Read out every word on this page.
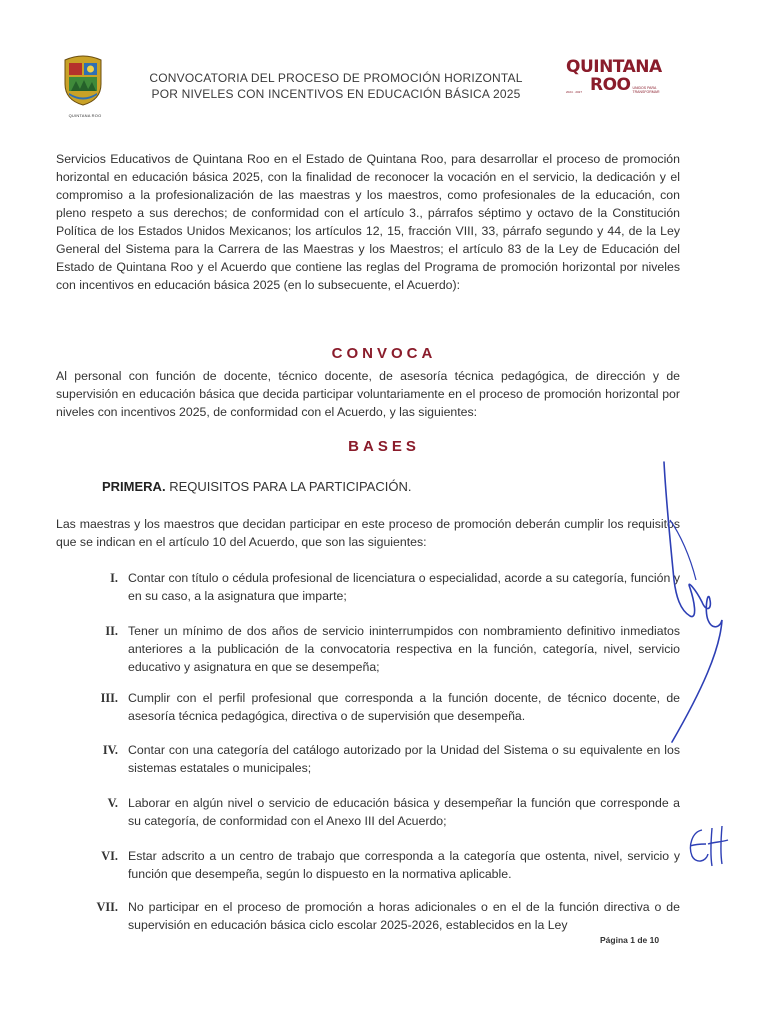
QUINTANA ROO
CONVOCATORIA DEL PROCESO DE PROMOCIÓN HORIZONTAL
POR NIVELES CON INCENTIVOS EN EDUCACIÓN BÁSICA 2025
QUINTANA
2024 · 2027 ROO UNIDOS PARA TRANSFORMAR
Servicios Educativos de Quintana Roo en el Estado de Quintana Roo, para desarrollar el proceso de promoción horizontal en educación básica 2025, con la finalidad de reconocer la vocación en el servicio, la dedicación y el compromiso a la profesionalización de las maestras y los maestros, como profesionales de la educación, con pleno respeto a sus derechos; de conformidad con el artículo 3., párrafos séptimo y octavo de la Constitución Política de los Estados Unidos Mexicanos; los artículos 12, 15, fracción VIII, 33, párrafo segundo y 44, de la Ley General del Sistema para la Carrera de las Maestras y los Maestros; el artículo 83 de la Ley de Educación del Estado de Quintana Roo y el Acuerdo que contiene las reglas del Programa de promoción horizontal por niveles con incentivos en educación básica 2025 (en lo subsecuente, el Acuerdo):
CONVOCA
Al personal con función de docente, técnico docente, de asesoría técnica pedagógica, de dirección y de supervisión en educación básica que decida participar voluntariamente en el proceso de promoción horizontal por niveles con incentivos 2025, de conformidad con el Acuerdo, y las siguientes:
BASES
PRIMERA. REQUISITOS PARA LA PARTICIPACIÓN.
Las maestras y los maestros que decidan participar en este proceso de promoción deberán cumplir los requisitos que se indican en el artículo 10 del Acuerdo, que son las siguientes:
I. Contar con título o cédula profesional de licenciatura o especialidad, acorde a su categoría, función y en su caso, a la asignatura que imparte;
II. Tener un mínimo de dos años de servicio ininterrumpidos con nombramiento definitivo inmediatos anteriores a la publicación de la convocatoria respectiva en la función, categoría, nivel, servicio educativo y asignatura en que se desempeña;
III. Cumplir con el perfil profesional que corresponda a la función docente, de técnico docente, de asesoría técnica pedagógica, directiva o de supervisión que desempeña.
IV. Contar con una categoría del catálogo autorizado por la Unidad del Sistema o su equivalente en los sistemas estatales o municipales;
V. Laborar en algún nivel o servicio de educación básica y desempeñar la función que corresponde a su categoría, de conformidad con el Anexo III del Acuerdo;
VI. Estar adscrito a un centro de trabajo que corresponda a la categoría que ostenta, nivel, servicio y función que desempeña, según lo dispuesto en la normativa aplicable.
VII. No participar en el proceso de promoción a horas adicionales o en el de la función directiva o de supervisión en educación básica ciclo escolar 2025-2026, establecidos en la Ley
Página 1 de 10
